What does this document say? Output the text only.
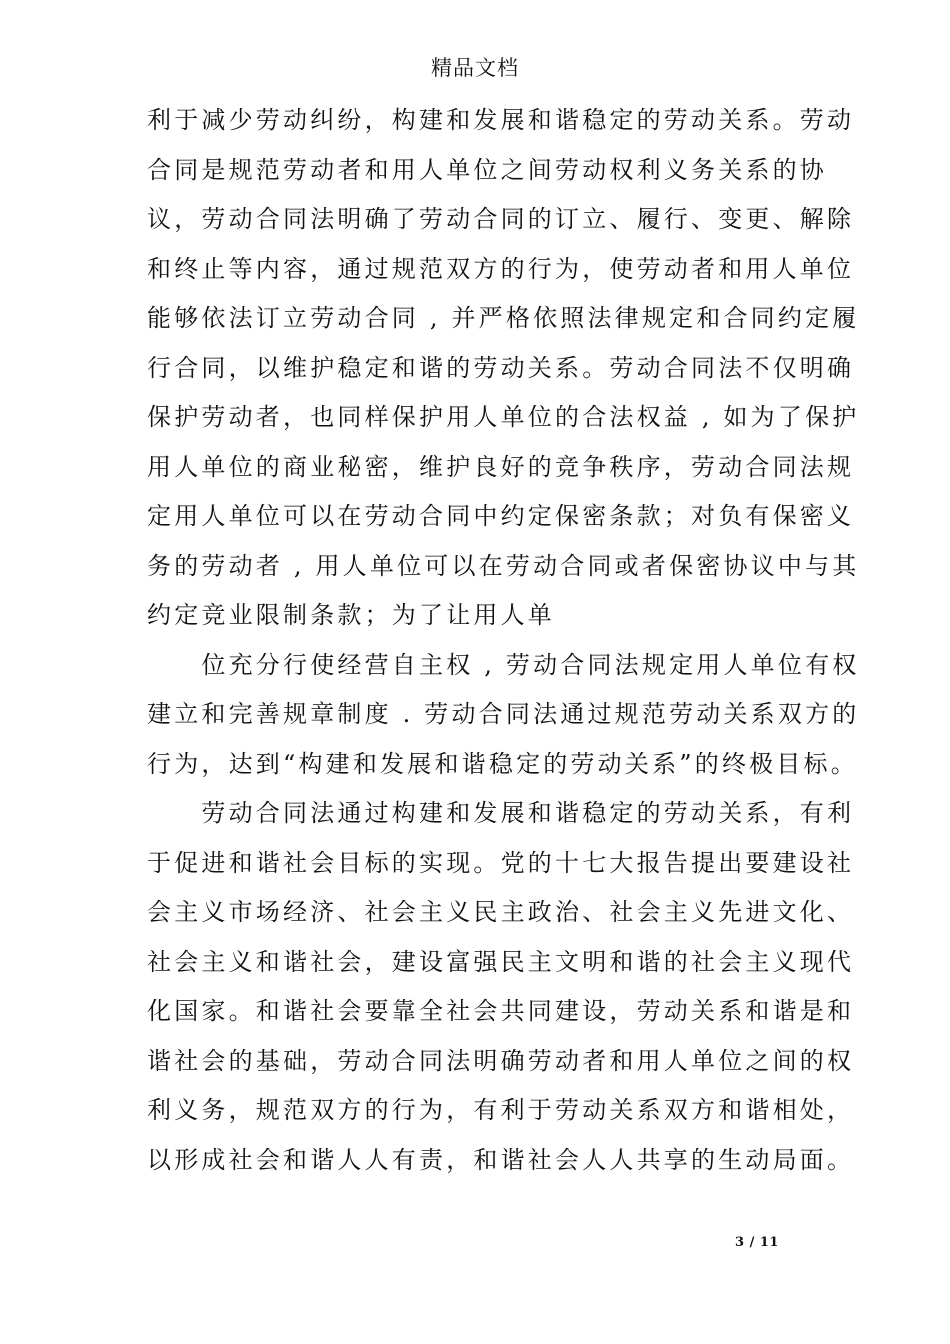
精品文档
利于减少劳动纠纷，构建和发展和谐稳定的劳动关系。劳动
合同是规范劳动者和用人单位之间劳动权利义务关系的协
议，劳动合同法明确了劳动合同的订立、履行、变更、解除
和终止等内容，通过规范双方的行为，使劳动者和用人单位
能够依法订立劳动合同 , 并严格依照法律规定和合同约定履
行合同，以维护稳定和谐的劳动关系。劳动合同法不仅明确
保护劳动者，也同样保护用人单位的合法权益 , 如为了保护
用人单位的商业秘密，维护良好的竞争秩序，劳动合同法规
定用人单位可以在劳动合同中约定保密条款；对负有保密义
务的劳动者 , 用人单位可以在劳动合同或者保密协议中与其
约定竞业限制条款；为了让用人单
　　位充分行使经营自主权 , 劳动合同法规定用人单位有权
建立和完善规章制度 . 劳动合同法通过规范劳动关系双方的
行为，达到“构建和发展和谐稳定的劳动关系”的终极目标。
　　劳动合同法通过构建和发展和谐稳定的劳动关系，有利
于促进和谐社会目标的实现。党的十七大报告提出要建设社
会主义市场经济、社会主义民主政治、社会主义先进文化、
社会主义和谐社会，建设富强民主文明和谐的社会主义现代
化国家。和谐社会要靠全社会共同建设，劳动关系和谐是和
谐社会的基础，劳动合同法明确劳动者和用人单位之间的权
利义务，规范双方的行为，有利于劳动关系双方和谐相处，
以形成社会和谐人人有责，和谐社会人人共享的生动局面。
3 / 11
